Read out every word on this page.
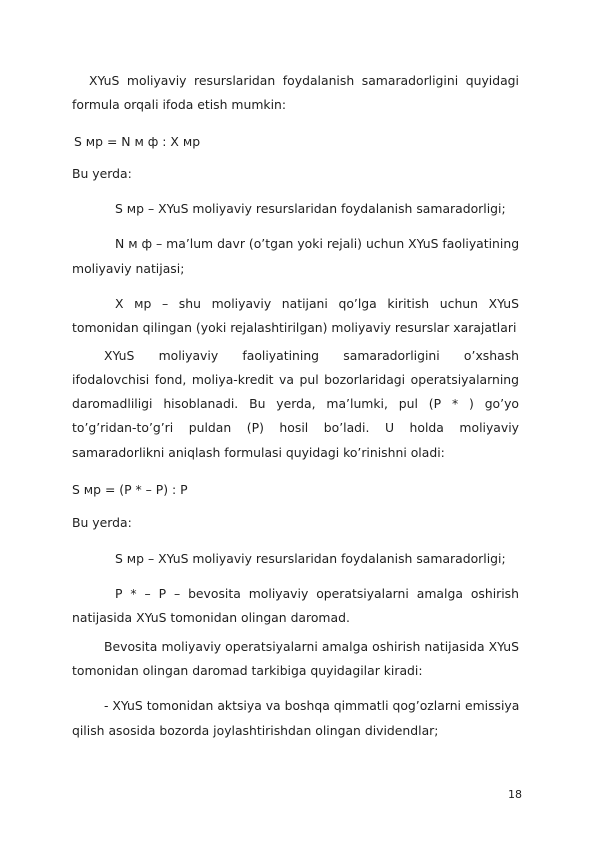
XYuS moliyaviy resurslaridan foydalanish samaradorligini quyidagi
formula orqali ifoda etish mumkin:
S мр = N м ф : X мр
Bu yerda:
S мр – XYuS moliyaviy resurslaridan foydalanish samaradorligi;
N м ф – ma’lum davr (o’tgan yoki rejali) uchun XYuS faoliyatining
moliyaviy natijasi;
X мр – shu moliyaviy natijani qo’lga kiritish uchun XYuS
tomonidan qilingan (yoki rejalashtirilgan) moliyaviy resurslar xarajatlari
XYuS moliyaviy faoliyatining samaradorligini o’xshash
ifodalovchisi fond, moliya-kredit va pul bozorlaridagi operatsiyalarning
daromadliligi hisoblanadi. Bu yerda, ma’lumki, pul (P * ) go’yo
to’g’ridan-to’g’ri puldan (P) hosil bo’ladi. U holda moliyaviy
samaradorlikni aniqlash formulasi quyidagi ko’rinishni oladi:
S мр = (P * – P) : P
Bu yerda:
S мр – XYuS moliyaviy resurslaridan foydalanish samaradorligi;
P * – P – bevosita moliyaviy operatsiyalarni amalga oshirish
natijasida XYuS tomonidan olingan daromad.
Bevosita moliyaviy operatsiyalarni amalga oshirish natijasida XYuS
tomonidan olingan daromad tarkibiga quyidagilar kiradi:
- XYuS tomonidan aktsiya va boshqa qimmatli qog’ozlarni emissiya
qilish asosida bozorda joylashtirishdan olingan dividendlar;
18
